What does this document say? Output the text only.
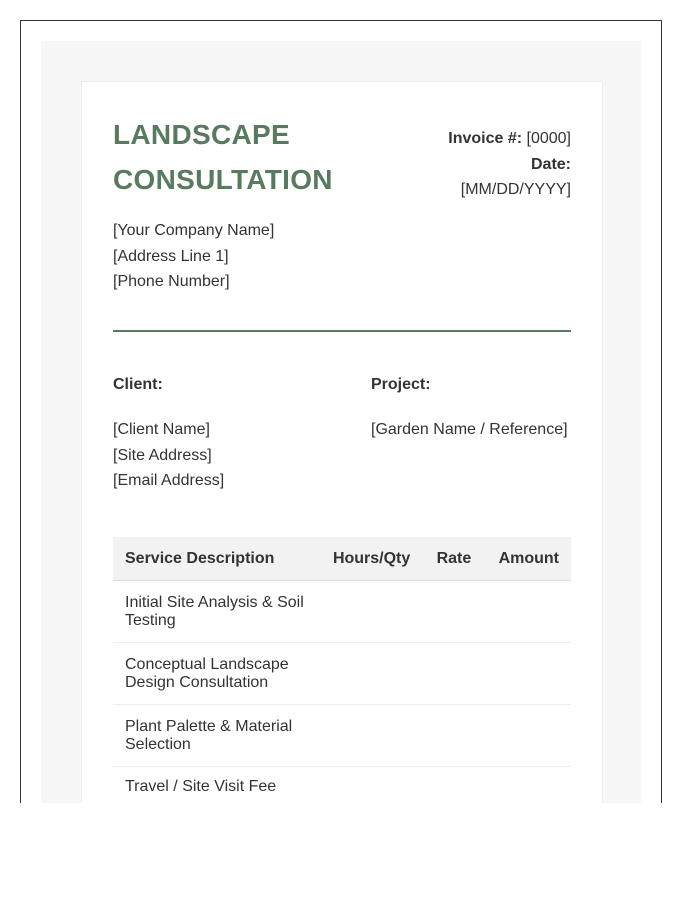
LANDSCAPE
CONSULTATION
Invoice #: [0000]
Date:
[MM/DD/YYYY]
[Your Company Name]
[Address Line 1]
[Phone Number]
Client:
[Client Name]
[Site Address]
[Email Address]
Project:
[Garden Name / Reference]
Service Description	Hours/Qty	Rate	Amount
Initial Site Analysis & Soil Testing			
Conceptual Landscape Design Consultation			
Plant Palette & Material Selection			
Travel / Site Visit Fee			
